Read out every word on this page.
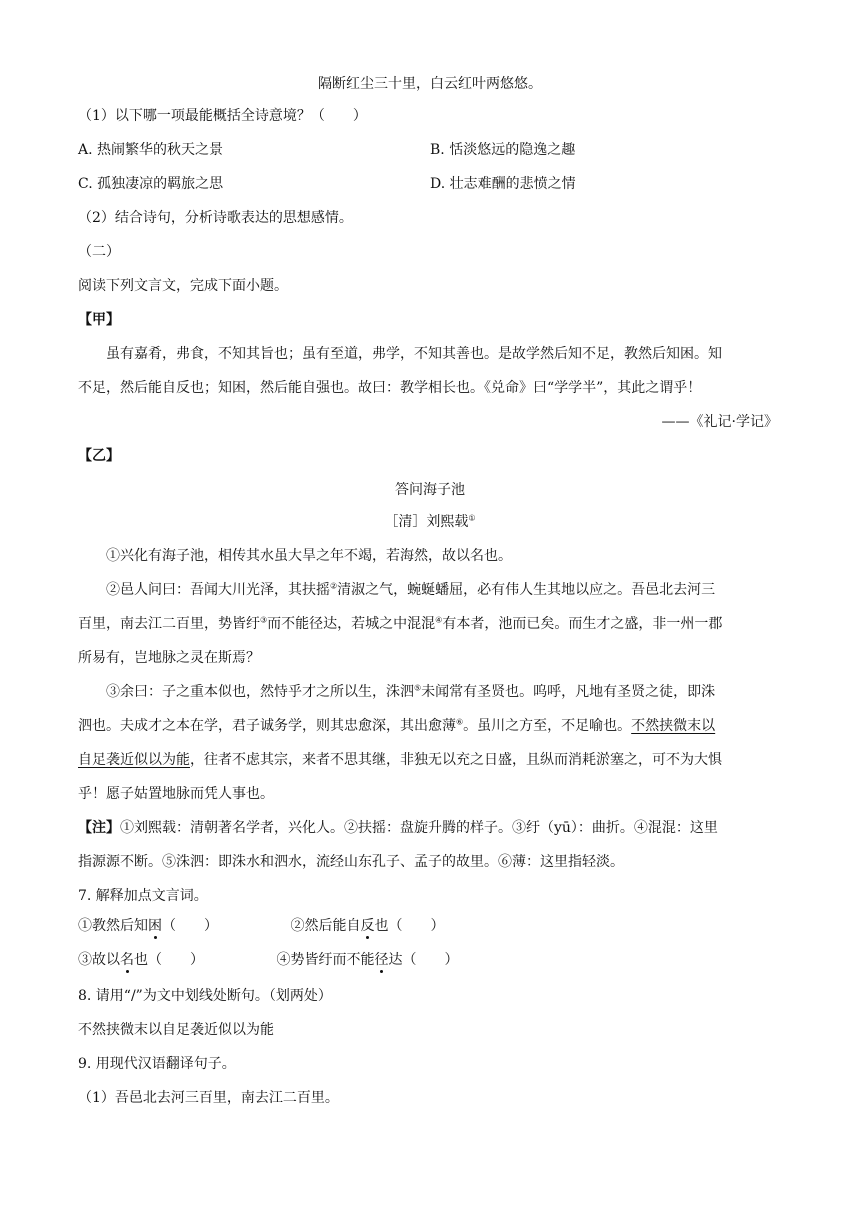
隔断红尘三十里，白云红叶两悠悠。
（1）以下哪一项最能概括全诗意境？（　　）
A. 热闹繁华的秋天之景	B. 恬淡悠远的隐逸之趣
C. 孤独凄凉的羁旅之思	D. 壮志难酬的悲愤之情
（2）结合诗句，分析诗歌表达的思想感情。
（二）
阅读下列文言文，完成下面小题。
【甲】
虽有嘉肴，弗食，不知其旨也；虽有至道，弗学，不知其善也。是故学然后知不足，教然后知困。知
不足，然后能自反也；知困，然后能自强也。故曰：教学相长也。《兑命》曰“学学半”，其此之谓乎！
——《礼记·学记》
【乙】
答问海子池
［清］刘熙载①
①兴化有海子池，相传其水虽大旱之年不竭，若海然，故以名也。
②邑人问曰：吾闻大川光泽，其扶摇②清淑之气，蜿蜒蟠屈，必有伟人生其地以应之。吾邑北去河三
百里，南去江二百里，势皆纡③而不能径达，若城之中混混④有本者，池而已矣。而生才之盛，非一州一郡
所易有，岂地脉之灵在斯焉？
③余曰：子之重本似也，然恃乎才之所以生，洙泗⑤未闻常有圣贤也。呜呼，凡地有圣贤之徒，即洙
泗也。夫成才之本在学，君子诚务学，则其忠愈深，其出愈薄⑥。虽川之方至，不足喻也。不然挟微末以
自足袭近似以为能，往者不虑其宗，来者不思其继，非独无以充之日盛，且纵而消耗淤塞之，可不为大惧
乎！愿子姑置地脉而凭人事也。
【注】①刘熙载：清朝著名学者，兴化人。②扶摇：盘旋升腾的样子。③纡（yū）：曲折。④混混：这里
指源源不断。⑤洙泗：即洙水和泗水，流经山东孔子、孟子的故里。⑥薄：这里指轻淡。
7. 解释加点文言词。
①教然后知困（　　）	②然后能自反也（　　）
③故以名也（　　）	④势皆纡而不能径达（　　）
8. 请用“/”为文中划线处断句。（划两处）
不然挟微末以自足袭近似以为能
9. 用现代汉语翻译句子。
（1）吾邑北去河三百里，南去江二百里。
